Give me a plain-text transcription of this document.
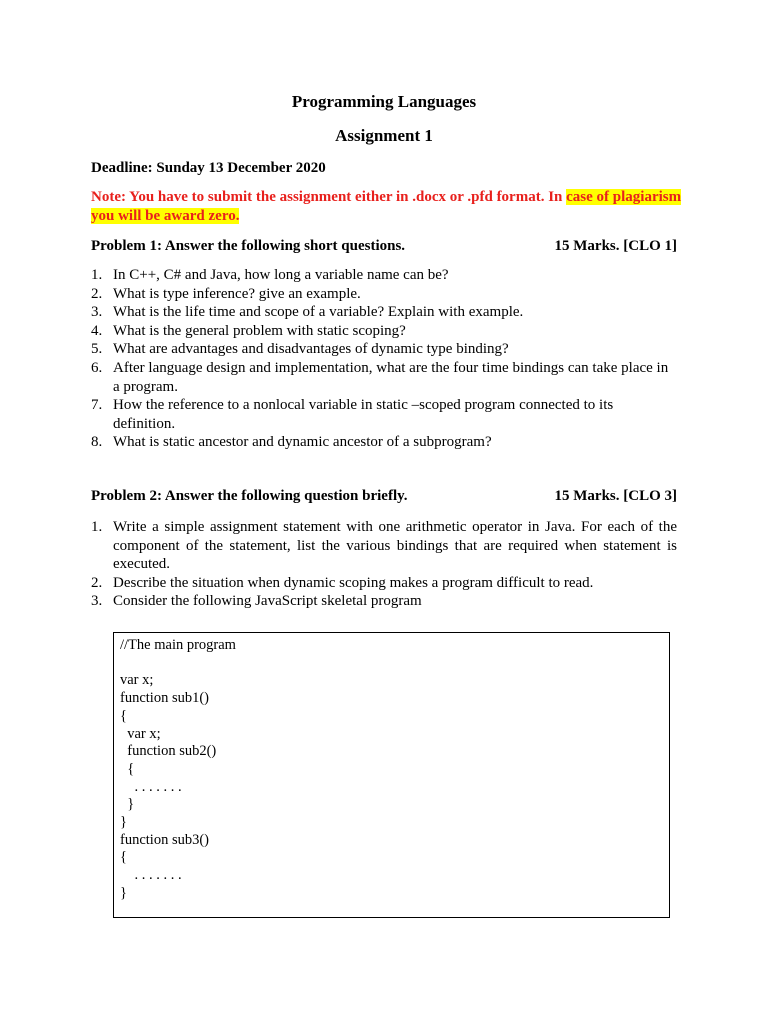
Programming Languages
Assignment 1
Deadline: Sunday 13 December 2020
Note: You have to submit the assignment either in .docx or .pfd format. In case of plagiarism
you will be award zero.
Problem 1: Answer the following short questions.	15 Marks. [CLO 1]
1. In C++, C# and Java, how long a variable name can be?
2. What is type inference? give an example.
3. What is the life time and scope of a variable? Explain with example.
4. What is the general problem with static scoping?
5. What are advantages and disadvantages of dynamic type binding?
6. After language design and implementation, what are the four time bindings can take place in a program.
7. How the reference to a nonlocal variable in static –scoped program connected to its definition.
8. What is static ancestor and dynamic ancestor of a subprogram?
Problem 2: Answer the following question briefly.	15 Marks. [CLO 3]
1. Write a simple assignment statement with one arithmetic operator in Java. For each of the component of the statement, list the various bindings that are required when statement is executed.
2. Describe the situation when dynamic scoping makes a program difficult to read.
3. Consider the following JavaScript skeletal program
//The main program

var x;
function sub1()
{
var x;
function sub2()
{
. . . . . . .
}
}
function sub3()
{
. . . . . . .
}
